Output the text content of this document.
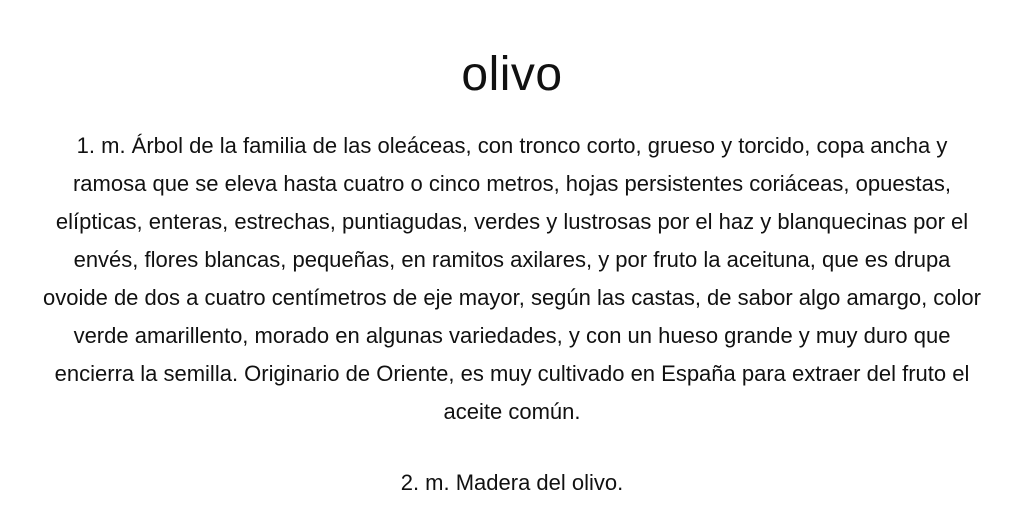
olivo

1. m. Árbol de la familia de las oleáceas, con tronco corto, grueso y torcido, copa ancha y ramosa que se eleva hasta cuatro o cinco metros, hojas persistentes coriáceas, opuestas, elípticas, enteras, estrechas, puntiagudas, verdes y lustrosas por el haz y blanquecinas por el envés, flores blancas, pequeñas, en ramitos axilares, y por fruto la aceituna, que es drupa ovoide de dos a cuatro centímetros de eje mayor, según las castas, de sabor algo amargo, color verde amarillento, morado en algunas variedades, y con un hueso grande y muy duro que encierra la semilla. Originario de Oriente, es muy cultivado en España para extraer del fruto el aceite común.

2. m. Madera del olivo.
